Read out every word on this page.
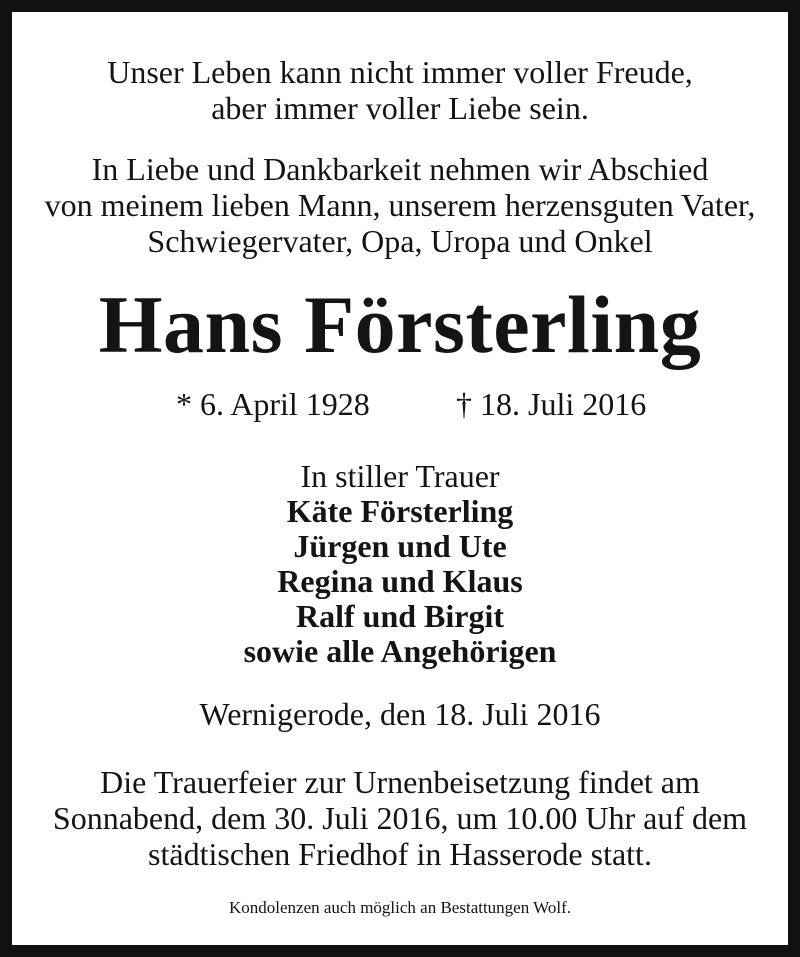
Unser Leben kann nicht immer voller Freude,
aber immer voller Liebe sein.
In Liebe und Dankbarkeit nehmen wir Abschied
von meinem lieben Mann, unserem herzensguten Vater,
Schwiegervater, Opa, Uropa und Onkel
Hans Försterling
* 6. April 1928	† 18. Juli 2016
In stiller Trauer
Käte Försterling
Jürgen und Ute
Regina und Klaus
Ralf und Birgit
sowie alle Angehörigen
Wernigerode, den 18. Juli 2016
Die Trauerfeier zur Urnenbeisetzung findet am
Sonnabend, dem 30. Juli 2016, um 10.00 Uhr auf dem
städtischen Friedhof in Hasserode statt.
Kondolenzen auch möglich an Bestattungen Wolf.
